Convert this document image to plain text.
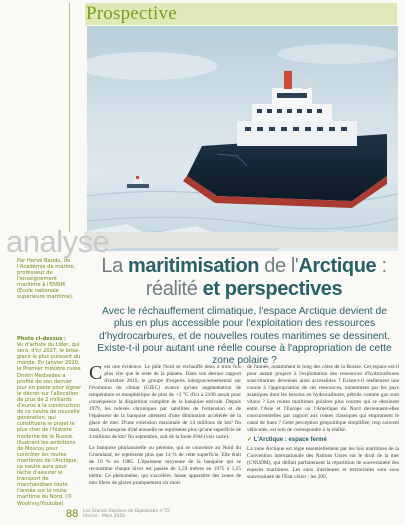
Prospective
analyse
Par Hervé Baudu, de l'Académie de marine, professeur de l'enseignement maritime à l'ENSM (École nationale supérieure maritime).
Photo ci-dessus :
Vu d'artiste du Lider, qui sera, d'ici 2027, le brise-glace le plus puissant du monde. En janvier 2020, le Premier ministre russe Dmitri Medvedev a profité de son dernier jour en poste pour signer le décret sur l'allocation de plus de 2 milliards d'euros à la construction de ce navire de nouvelle génération, qui constituera le projet le plus cher de l'histoire moderne de la Russie. Illustrant les ambitions de Moscou pour contrôler les routes maritimes de l'Arctique, ce navire aura pour tâche d'assurer le transport de marchandises toute l'année sur la route maritime du Nord. (© Wootnny/Youtube)
La maritimisation de l'Arctique :
réalité et perspectives
Avec le réchauffement climatique, l'espace Arctique devient de plus en plus accessible pour l'exploitation des ressources d'hydrocarbures, et de nouvelles routes maritimes se dessinent. Existe-t-il pour autant une réelle course à l'appropriation de cette zone polaire ?

Cest une évidence. Le pôle Nord se réchauffe deux à trois fois plus vite que le reste de la planète. Dans son dernier rapport d'octobre 2019, le groupe d'experts intergouvernemental sur l'évolution du climat (GIEC) avance qu'une augmentation de température et mouphérique de plus de +3 °C d'ici à 2100 aurait pour conséquence la disparition complète de la banquise estivale. Depuis 1979, les relevés chroniques par satellites de l'extension et de l'épaisseur de la banquise attestent d'une diminution accélérée de la glace de mer. D'une extension maximale de 14 millions de km² fin mars, la banquise d'été annuelle ne représente plus qu'une superficie de 4 millions de km² fin septembre, soit de la fonte d'été (voir carte).

La banquise pluriannuelle ou pérenne, qui se concentre au Nord du Groenland, ne représente plus que 14 % de cette superficie. Elle était de 16 % en 1985. L'épaisseur moyenne de la banquise qui se reconstitue chaque hiver est passée de 3,59 mètres en 1975 à 1,25 mètre. Ce phénomène, qui s'accélère, laisse apparaître des zones de mer libres de glaces pratiquement six mois

de l'année, notamment le long des côtes de la Russie. Cet espace est-il pour autant propice à l'exploitation des ressources d'hydrocarbures sous-marines devenues ainsi accessibles ? Existe-t-il réellement une course à l'appropriation de ces ressources, notamment par les pays asiatiques dont les besoins en hydrocarbures, pétrole comme gaz sont vitaux ? Les routes maritimes polaires plus courtes qui se dessinent entre l'Asie et l'Europe ou l'Amérique du Nord deviennent-elles concurrentielles par rapport aux routes classiques qui empruntent le canal de Suez ? Cette perception géopolitique simplifiée, trop souvent véhiculée, est loin de correspondre à la réalité.

✓ L'Arctique : espace fermé

La zone Arctique est régie essentiellement par les lois maritimes de la Convention internationale des Nations Unies sur le droit de la mer (CNUDM), qui définit parfaitement la répartition de souveraineté des espaces maritimes. Les eaux intérieures et territoriales sont sous souveraineté de l'État côtier ; les 200,

88 Les Grands Dossiers de Diplomatie n°55
Février - Mars 2020
